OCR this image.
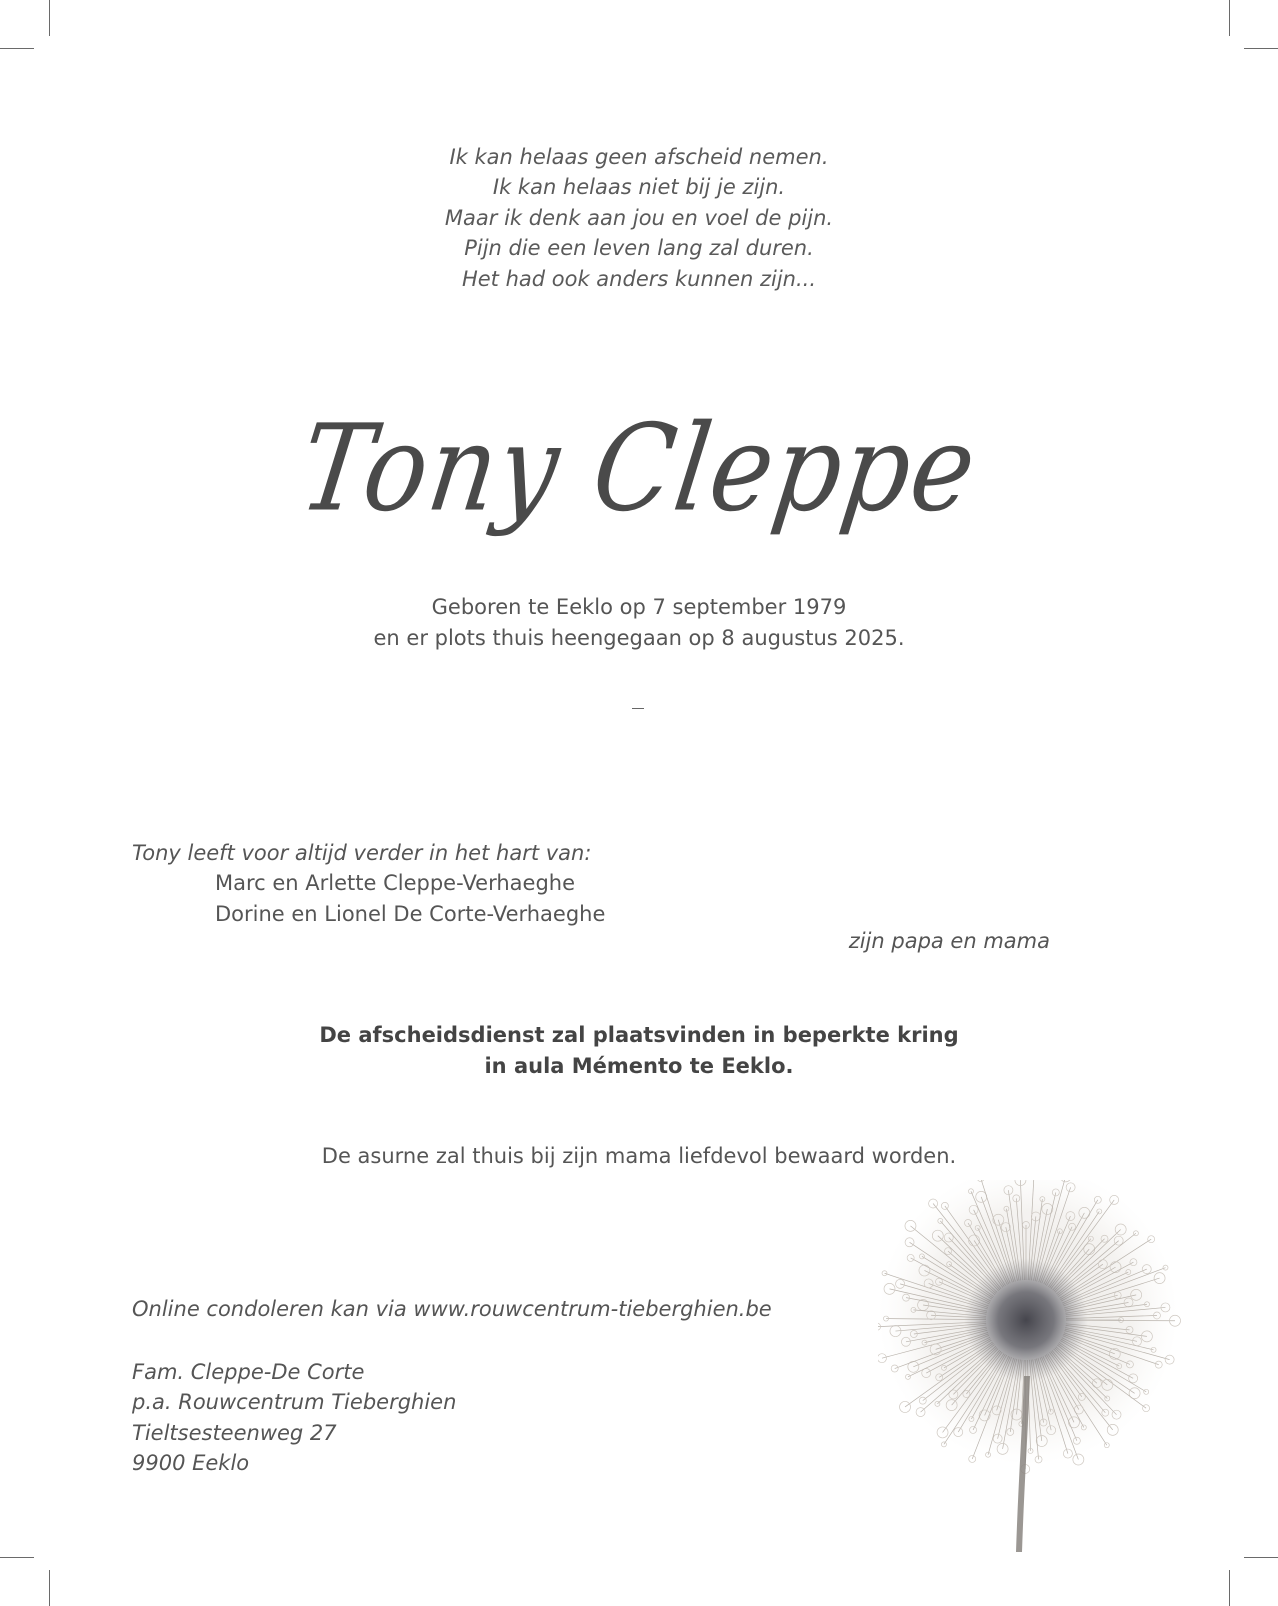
Ik kan helaas geen afscheid nemen.
Ik kan helaas niet bij je zijn.
Maar ik denk aan jou en voel de pijn.
Pijn die een leven lang zal duren.
Het had ook anders kunnen zijn...
Tony Cleppe
Geboren te Eeklo op 7 september 1979
en er plots thuis heengegaan op 8 augustus 2025.
Tony leeft voor altijd verder in het hart van:
Marc en Arlette Cleppe-Verhaeghe
Dorine en Lionel De Corte-Verhaeghe
zijn papa en mama
De afscheidsdienst zal plaatsvinden in beperkte kring
in aula Mémento te Eeklo.
De asurne zal thuis bij zijn mama liefdevol bewaard worden.
Online condoleren kan via www.rouwcentrum-tieberghien.be
Fam. Cleppe-De Corte
p.a. Rouwcentrum Tieberghien
Tieltsesteenweg 27
9900 Eeklo
